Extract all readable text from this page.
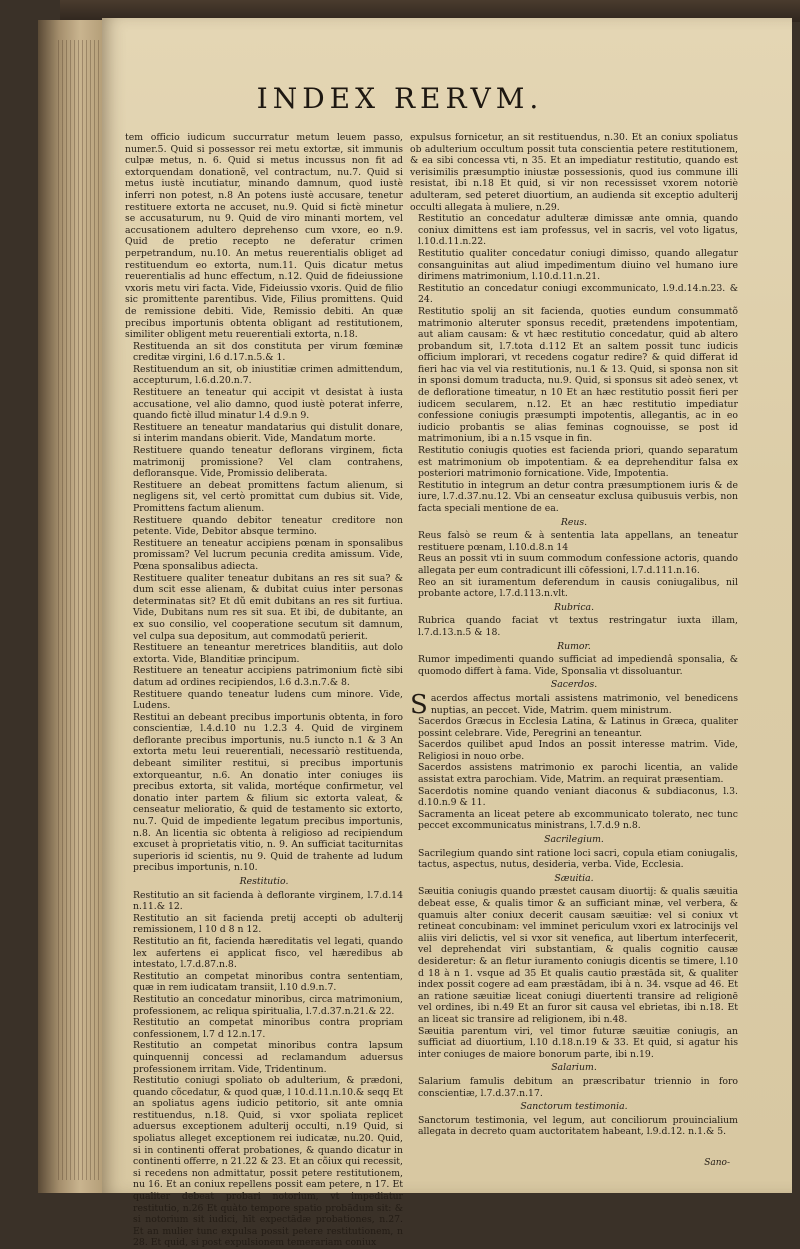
INDEX RERVM.

tem officio iudicum succurratur metum leuem passo, numer.5. Quid si possessor rei metu extortæ, sit immunis culpæ metus, n. 6. Quid si metus incussus non fit ad extorquendam donationẽ, vel contractum, nu.7. Quid si metus iustè incutiatur, minando damnum, quod iustè inferri non potest, n.8 An potens iustè accusare, tenetur restituere extorta ne accuset, nu.9. Quid si fictè minetur se accusaturum, nu 9. Quid de viro minanti mortem, vel accusationem adultero deprehenso cum vxore, eo n.9. Quid de pretio recepto ne deferatur crimen perpetrandum, nu.10. An metus reuerentialis obliget ad restituendum eo extorta, num.11. Quis dicatur metus reuerentialis ad hunc effectum, n.12. Quid de fideiussione vxoris metu viri facta. Vide, Fideiussio vxoris. Quid de filio sic promittente parentibus. Vide, Filius promittens. Quid de remissione debiti. Vide, Remissio debiti. An quæ precibus importunis obtenta obligant ad restitutionem, similiter obligent metu reuerentiali extorta, n.18.

Restituenda an sit dos constituta per virum fœminæ creditæ virgini, l.6 d.17.n.5.& 1.

Restituendum an sit, ob iniustitiæ crimen admittendum, accepturum, l.6.d.20.n.7.

Restituere an teneatur qui accipit vt desistat à iusta accusatione, vel alio damno, quod iustè poterat inferre, quando fictè illud minatur l.4 d.9.n 9.

Restituere an teneatur mandatarius qui distulit donare, si interim mandans obierit. Vide, Mandatum morte.

Restituere quando teneatur deflorans virginem, ficta matrimonij promissione? Vel clam contrahens, defloransque. Vide, Promissio deliberata.

Restituere an debeat promittens factum alienum, si negligens sit, vel certò promittat cum dubius sit. Vide, Promittens factum alienum.

Restituere quando debitor teneatur creditore non petente. Vide, Debitor absque termino.

Restituere an teneatur accipiens pœnam in sponsalibus promissam? Vel lucrum pecunia credita amissum. Vide, Pœna sponsalibus adiecta.

Restituere qualiter teneatur dubitans an res sit sua? & dum scit esse alienam, & dubitat cuius inter personas determinatas sit? Et dũ emit dubitans an res sit furtiua. Vide, Dubitans num res sit sua. Et ibi, de dubitante, an ex suo consilio, vel cooperatione secutum sit damnum, vel culpa sua depositum, aut commodatũ perierit.

Restituere an teneantur meretrices blanditiis, aut dolo extorta. Vide, Blanditiæ principum.

Restituere an teneatur accipiens patrimonium fictè sibi datum ad ordines recipiendos, l.6 d.3.n.7.& 8.

Restituere quando teneatur ludens cum minore. Vide, Ludens.

Restitui an debeant precibus importunis obtenta, in foro conscientiæ, l.4.d.10 nu 1.2.3 4. Quid de virginem deflorante precibus importunis, nu.5 iuncto n.1 & 3 An extorta metu leui reuerentiali, necessariò restituenda, debeant similiter restitui, si precibus importunis extorqueantur, n.6. An donatio inter coniuges iis precibus extorta, sit valida, mortéque confirmetur, vel donatio inter partem & filium sic extorta valeat, & censeatur melioratio, & quid de testamento sic extorto, nu.7. Quid de impediente legatum precibus importunis, n.8. An licentia sic obtenta à religioso ad recipiendum excuset à proprietatis vitio, n. 9. An sufficiat taciturnitas superioris id scientis, nu 9. Quid de trahente ad ludum precibus importunis, n.10.

Restitutio.

Restitutio an sit facienda à deflorante virginem, l.7.d.14 n.11.& 12.

Restitutio an sit facienda pretij accepti ob adulterij remissionem, l 10 d 8 n 12.

Restitutio an fit, facienda hæreditatis vel legati, quando lex aufertens ei applicat fisco, vel hæredibus ab intestato, l.7.d.87.n.8.

Restitutio an competat minoribus contra sententiam, quæ in rem iudicatam transiit, l.10 d.9.n.7.

Restitutio an concedatur minoribus, circa matrimonium, professionem, ac reliqua spiritualia, l.7.d.37.n.21.& 22.

Restitutio an competat minoribus contra propriam confessionem, l.7 d 12.n.17.

Restitutio an competat minoribus contra lapsum quinquennij concessi ad reclamandum aduersus professionem irritam. Vide, Tridentinum.

Restitutio coniugi spoliato ob adulterium, & prædoni, quando cõcedatur, & quod quæ, l 10.d.11.n.10.& seqq Et an spoliatus agens iudicio petitorio, sit ante omnia restituendus, n.18. Quid, si vxor spoliata replicet aduersus exceptionem adulterij occulti, n.19 Quid, si spoliatus alleget exceptionem rei iudicatæ, nu.20. Quid, si in continenti offerat probationes, & quando dicatur in continenti offerre, n 21.22 & 23. Et an cõiux qui recessit, si recedens non admittatur, possit petere restitutionem, nu 16. Et an coniux repellens possit eam petere, n 17. Et qualiter debeat probari notorium, vt impediatur restitutio, n.26 Et quàto tempore spatio probādum sit: & si notorium sit iudici, hīt expectādæ probationes, n.27. Et an mulier tunc expulsa possit petere restitutionem, n 28. Et quid, si post expulsionem temerariam coniux

expulsus fornicetur, an sit restituendus, n.30. Et an coniux spoliatus ob adulterium occultum possit tuta conscientia petere restitutionem, & ea sibi concessa vti, n 35. Et an impediatur restitutio, quando est verisimilis præsumptio iniustæ possessionis, quod ius commune illi resistat, ibi n.18 Et quid, si vir non recessisset vxorem notoriè adulteram, sed peteret diuortium, an audienda sit exceptio adulterij occulti allegata à muliere, n.29.

Restitutio an concedatur adulteræ dimissæ ante omnia, quando coniux dimittens est iam professus, vel in sacris, vel voto ligatus, l.10.d.11.n.22.

Restitutio qualiter concedatur coniugi dimisso, quando allegatur consanguinitas aut aliud impedimentum diuino vel humano iure dirimens matrimonium, l.10.d.11.n.21.

Restitutio an concedatur coniugi excommunicato, l.9.d.14.n.23. & 24.

Restitutio spolij an sit facienda, quoties eundum consummatõ matrimonio alteruter sponsus recedit, prætendens impotentiam, aut aliam causam: & vt hæc restitutio concedatur, quid ab altero probandum sit, l.7.tota d.112 Et an saltem possit tunc iudicis officium implorari, vt recedens cogatur redire? & quid differat id fieri hac via vel via restitutionis, nu.1 & 13. Quid, si sponsa non sit in sponsi domum traducta, nu.9. Quid, si sponsus sit adeò senex, vt de defloratione timeatur, n 10 Et an hæc restitutio possit fieri per iudicem secularem, n.12. Et an hæc restitutio impediatur confessione coniugis præsumpti impotentis, allegantis, ac in eo iudicio probantis se alias feminas cognouisse, se post id matrimonium, ibi a n.15 vsque in fin.

Restitutio coniugis quoties est facienda priori, quando separatum est matrimonium ob impotentiam. & ea deprehenditur falsa ex posteriori matrimonio fornicatione. Vide, Impotentia.

Restitutio in integrum an detur contra præsumptionem iuris & de iure, l.7.d.37.nu.12. Vbi an censeatur exclusa quibusuis verbis, non facta speciali mentione de ea.

Reus.

Reus falsò se reum & à sententia lata appellans, an teneatur restituere pœnam, l.10.d.8.n 14

Reus an possit vti in suum commodum confessione actoris, quando allegata per eum contradicunt illi cōfessioni, l.7.d.111.n.16.

Reo an sit iuramentum deferendum in causis coniugalibus, nil probante actore, l.7.d.113.n.vlt.

Rubrica.

Rubrica quando faciat vt textus restringatur iuxta illam, l.7.d.13.n.5 & 18.

Rumor.

Rumor impedimenti quando sufficiat ad impediendâ sponsalia, & quomodo differt à fama. Vide, Sponsalia vt dissoluantur.

Sacerdos.

Sacerdos affectus mortali assistens matrimonio, vel benedicens nuptias, an peccet. Vide, Matrim. quem ministrum.

Sacerdos Græcus in Ecclesia Latina, & Latinus in Græca, qualiter possint celebrare. Vide, Peregrini an teneantur.

Sacerdos quilibet apud Indos an possit interesse matrim. Vide, Religiosi in nouo orbe.

Sacerdos assistens matrimonio ex parochi licentia, an valide assistat extra parochiam. Vide, Matrim. an requirat præsentiam.

Sacerdotis nomine quando veniant diaconus & subdiaconus, l.3. d.10.n.9 & 11.

Sacramenta an liceat petere ab excommunicato tolerato, nec tunc peccet excommunicatus ministrans, l.7.d.9 n.8.

Sacrilegium.

Sacrilegium quando sint ratione loci sacri, copula etiam coniugalis, tactus, aspectus, nutus, desideria, verba. Vide, Ecclesia.

Sæuitia.

Sæuitia coniugis quando præstet causam diuortij: & qualis sæuitia debeat esse, & qualis timor & an sufficiant minæ, vel verbera, & quamuis alter coniux decerit causam sæuitiæ: vel si coniux vt retineat concubinam: vel imminet periculum vxori ex latrocinijs vel aliis viri delictis, vel si vxor sit venefica, aut libertum interfecerit, vel deprehendat viri substantiam, & qualis cognitio causæ desideretur: & an fletur iuramento coniugis dicentis se timere, l.10 d 18 à n 1. vsque ad 35 Et qualis cautio præstāda sit, & qualiter index possit cogere ad eam præstādam, ibi à n. 34. vsque ad 46. Et an ratione sæuitiæ liceat coniugi diuertenti transire ad religionē vel ordines, ibi n.49 Et an furor sit causa vel ebrietas, ibi n.18. Et an liceat sic transire ad religionem, ibi n.48.

Sæuitia parentum viri, vel timor futuræ sæuitiæ coniugis, an sufficiat ad diuortium, l.10 d.18.n.19 & 33. Et quid, si agatur his inter coniuges de maiore bonorum parte, ibi n.19.

Salarium.

Salarium famulis debitum an præscribatur triennio in foro conscientiæ, l.7.d.37.n.17.

Sanctorum testimonia.

Sanctorum testimonia, vel legum, aut conciliorum prouincialium allegata in decreto quam auctoritatem habeant, l.9.d.12. n.1.& 5.

Sano-
